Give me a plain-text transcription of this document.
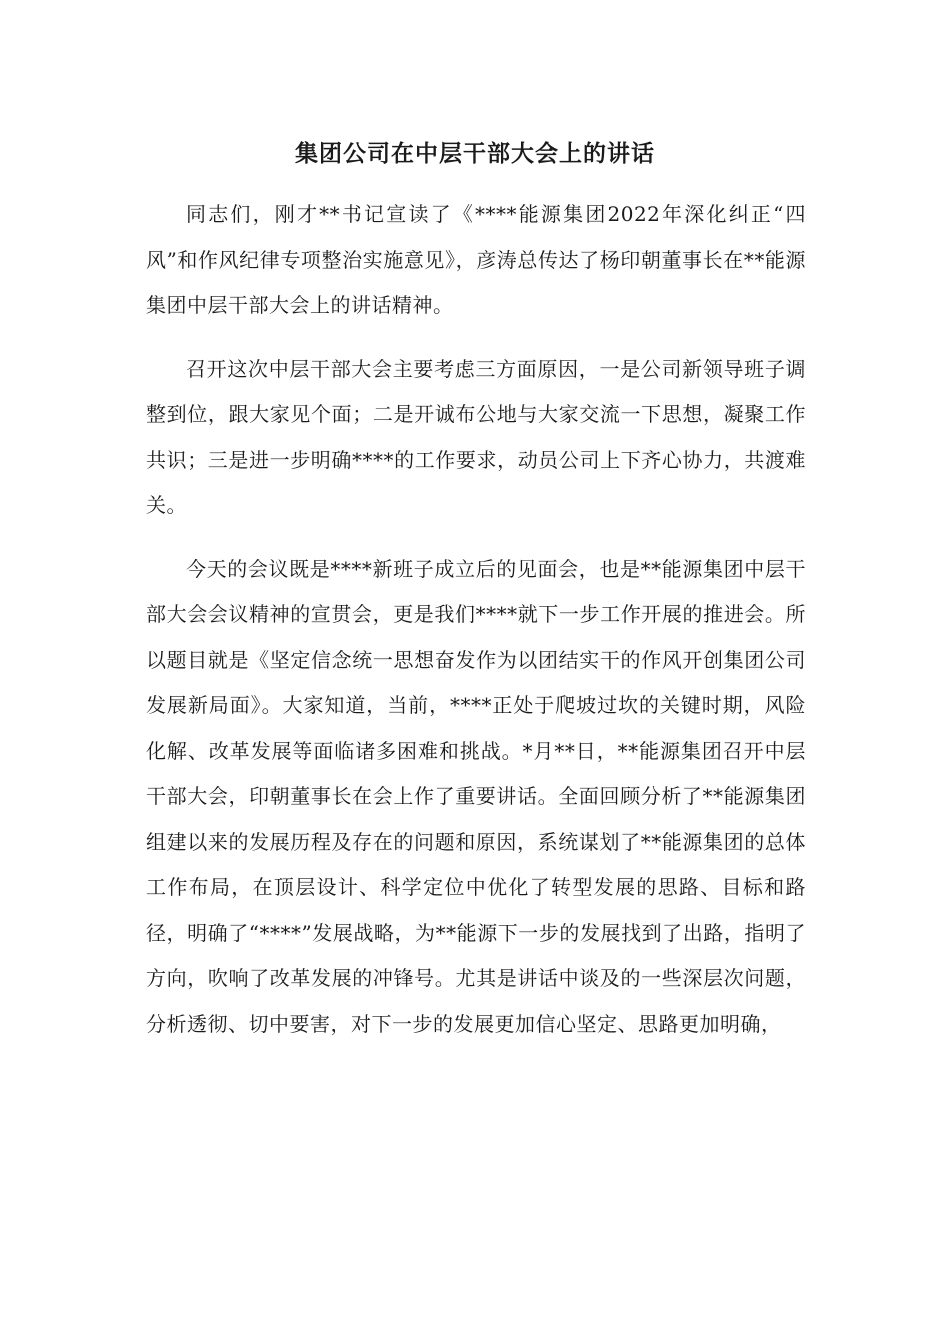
集团公司在中层干部大会上的讲话

同志们，刚才**书记宣读了《****能源集团2022年深化纠正“四风”和作风纪律专项整治实施意见》，彦涛总传达了杨印朝董事长在**能源集团中层干部大会上的讲话精神。

召开这次中层干部大会主要考虑三方面原因，一是公司新领导班子调整到位，跟大家见个面；二是开诚布公地与大家交流一下思想，凝聚工作共识；三是进一步明确****的工作要求，动员公司上下齐心协力，共渡难关。

今天的会议既是****新班子成立后的见面会，也是**能源集团中层干部大会会议精神的宣贯会，更是我们****就下一步工作开展的推进会。所以题目就是《坚定信念统一思想奋发作为以团结实干的作风开创集团公司发展新局面》。大家知道，当前，****正处于爬坡过坎的关键时期，风险化解、改革发展等面临诸多困难和挑战。*月**日，**能源集团召开中层干部大会，印朝董事长在会上作了重要讲话。全面回顾分析了**能源集团组建以来的发展历程及存在的问题和原因，系统谋划了**能源集团的总体工作布局，在顶层设计、科学定位中优化了转型发展的思路、目标和路径，明确了“****”发展战略，为**能源下一步的发展找到了出路，指明了方向，吹响了改革发展的冲锋号。尤其是讲话中谈及的一些深层次问题，分析透彻、切中要害，对下一步的发展更加信心坚定、思路更加明确，
